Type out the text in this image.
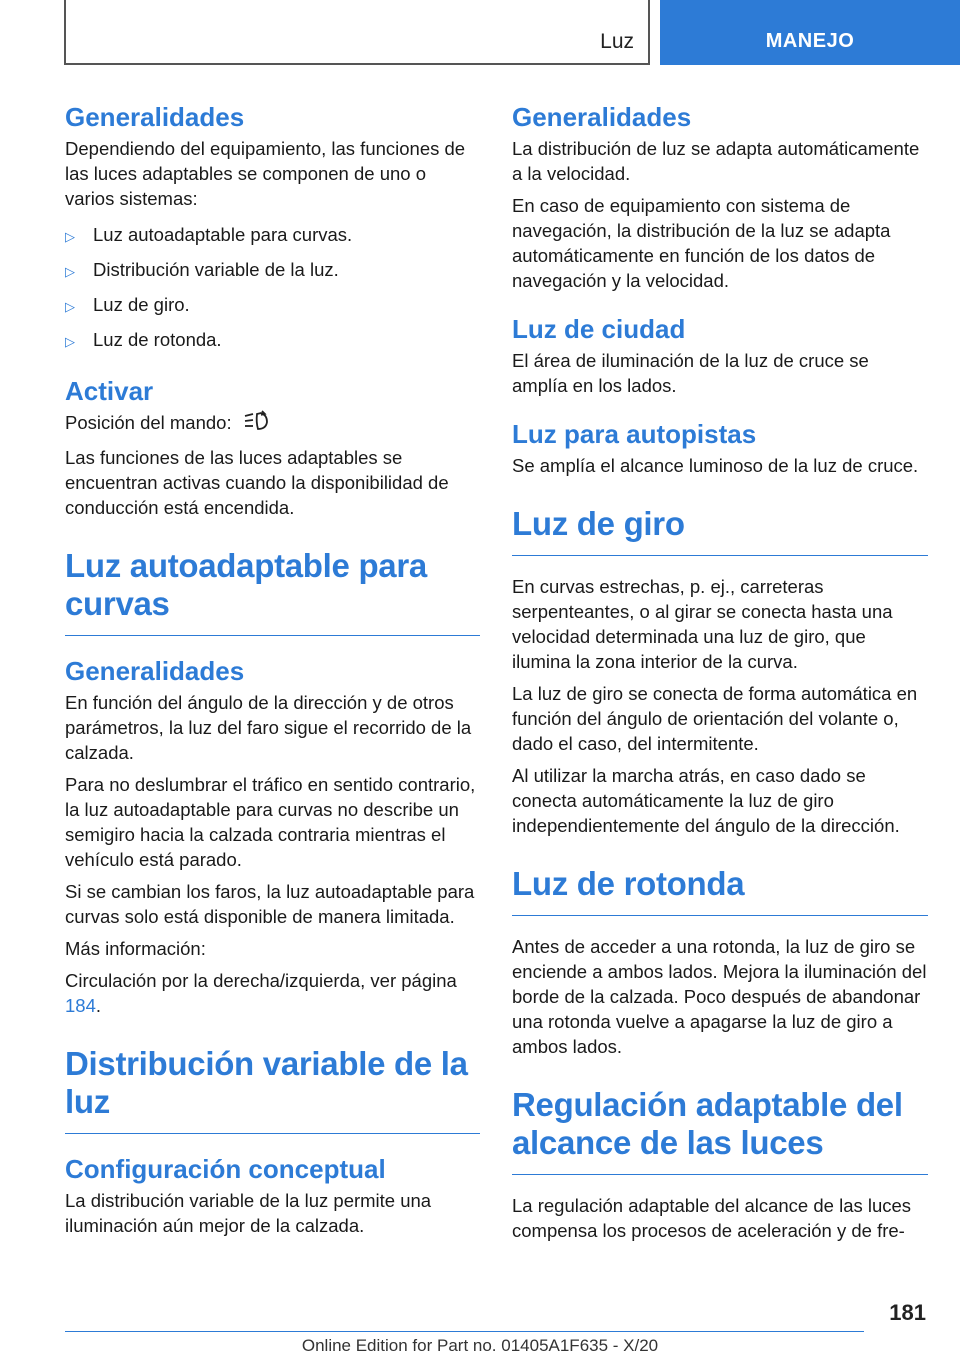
Luz	MANEJO
Generalidades
Dependiendo del equipamiento, las funciones de las luces adaptables se componen de uno o varios sistemas:
▷ Luz autoadaptable para curvas.
▷ Distribución variable de la luz.
▷ Luz de giro.
▷ Luz de rotonda.
Activar
Posición del mando:
Las funciones de las luces adaptables se encuentran activas cuando la disponibilidad de conducción está encendida.
Luz autoadaptable para curvas
Generalidades
En función del ángulo de la dirección y de otros parámetros, la luz del faro sigue el recorrido de la calzada.
Para no deslumbrar el tráfico en sentido contrario, la luz autoadaptable para curvas no describe un semigiro hacia la calzada contraria mientras el vehículo está parado.
Si se cambian los faros, la luz autoadaptable para curvas solo está disponible de manera limitada.
Más información:
Circulación por la derecha/izquierda, ver página 184.
Distribución variable de la luz
Configuración conceptual
La distribución variable de la luz permite una iluminación aún mejor de la calzada.
Generalidades
La distribución de luz se adapta automáticamente a la velocidad.
En caso de equipamiento con sistema de navegación, la distribución de la luz se adapta automáticamente en función de los datos de navegación y la velocidad.
Luz de ciudad
El área de iluminación de la luz de cruce se amplía en los lados.
Luz para autopistas
Se amplía el alcance luminoso de la luz de cruce.
Luz de giro
En curvas estrechas, p. ej., carreteras serpenteantes, o al girar se conecta hasta una velocidad determinada una luz de giro, que ilumina la zona interior de la curva.
La luz de giro se conecta de forma automática en función del ángulo de orientación del volante o, dado el caso, del intermitente.
Al utilizar la marcha atrás, en caso dado se conecta automáticamente la luz de giro independientemente del ángulo de la dirección.
Luz de rotonda
Antes de acceder a una rotonda, la luz de giro se enciende a ambos lados. Mejora la iluminación del borde de la calzada. Poco después de abandonar una rotonda vuelve a apagarse la luz de giro a ambos lados.
Regulación adaptable del alcance de las luces
La regulación adaptable del alcance de las luces compensa los procesos de aceleración y de fre-
181
Online Edition for Part no. 01405A1F635 - X/20
